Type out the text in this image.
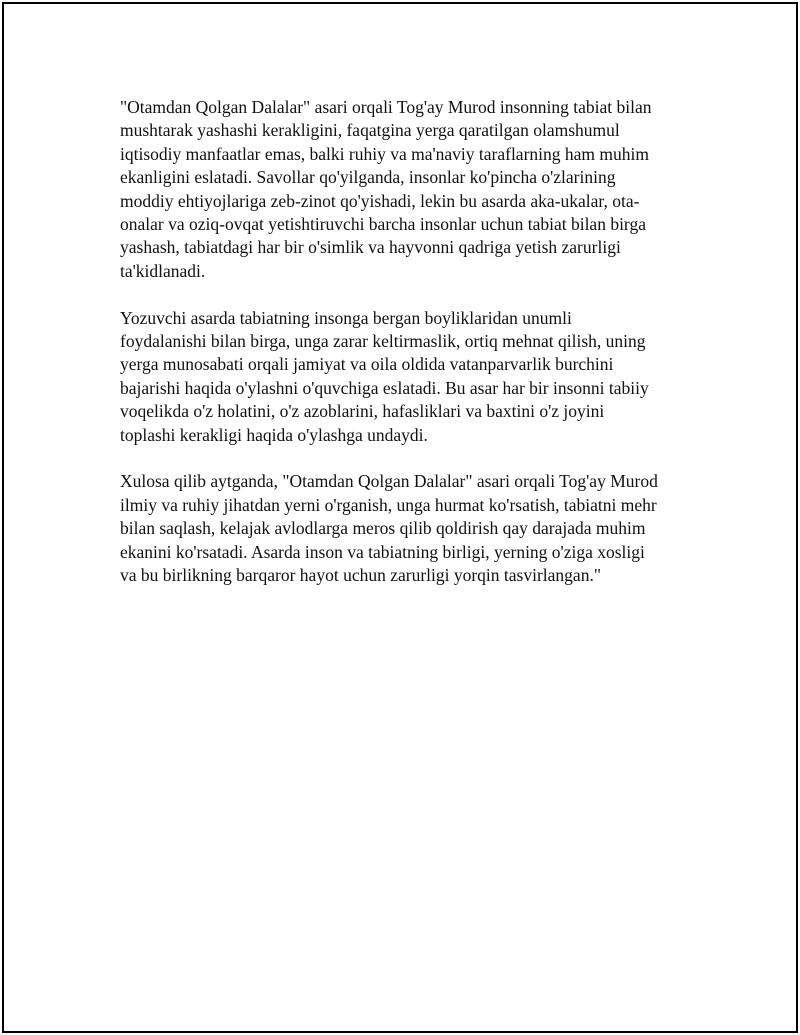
"Otamdan Qolgan Dalalar" asari orqali Tog'ay Murod insonning tabiat bilan
mushtarak yashashi kerakligini, faqatgina yerga qaratilgan olamshumul
iqtisodiy manfaatlar emas, balki ruhiy va ma'naviy taraflarning ham muhim
ekanligini eslatadi. Savollar qo'yilganda, insonlar ko'pincha o'zlarining
moddiy ehtiyojlariga zeb-zinot qo'yishadi, lekin bu asarda aka-ukalar, ota-
onalar va oziq-ovqat yetishtiruvchi barcha insonlar uchun tabiat bilan birga
yashash, tabiatdagi har bir o'simlik va hayvonni qadriga yetish zarurligi
ta'kidlanadi.

Yozuvchi asarda tabiatning insonga bergan boyliklaridan unumli
foydalanishi bilan birga, unga zarar keltirmaslik, ortiq mehnat qilish, uning
yerga munosabati orqali jamiyat va oila oldida vatanparvarlik burchini
bajarishi haqida o'ylashni o'quvchiga eslatadi. Bu asar har bir insonni tabiiy
voqelikda o'z holatini, o'z azoblarini, hafasliklari va baxtini o'z joyini
toplashi kerakligi haqida o'ylashga undaydi.

Xulosa qilib aytganda, "Otamdan Qolgan Dalalar" asari orqali Tog'ay Murod
ilmiy va ruhiy jihatdan yerni o'rganish, unga hurmat ko'rsatish, tabiatni mehr
bilan saqlash, kelajak avlodlarga meros qilib qoldirish qay darajada muhim
ekanini ko'rsatadi. Asarda inson va tabiatning birligi, yerning o'ziga xosligi
va bu birlikning barqaror hayot uchun zarurligi yorqin tasvirlangan."
